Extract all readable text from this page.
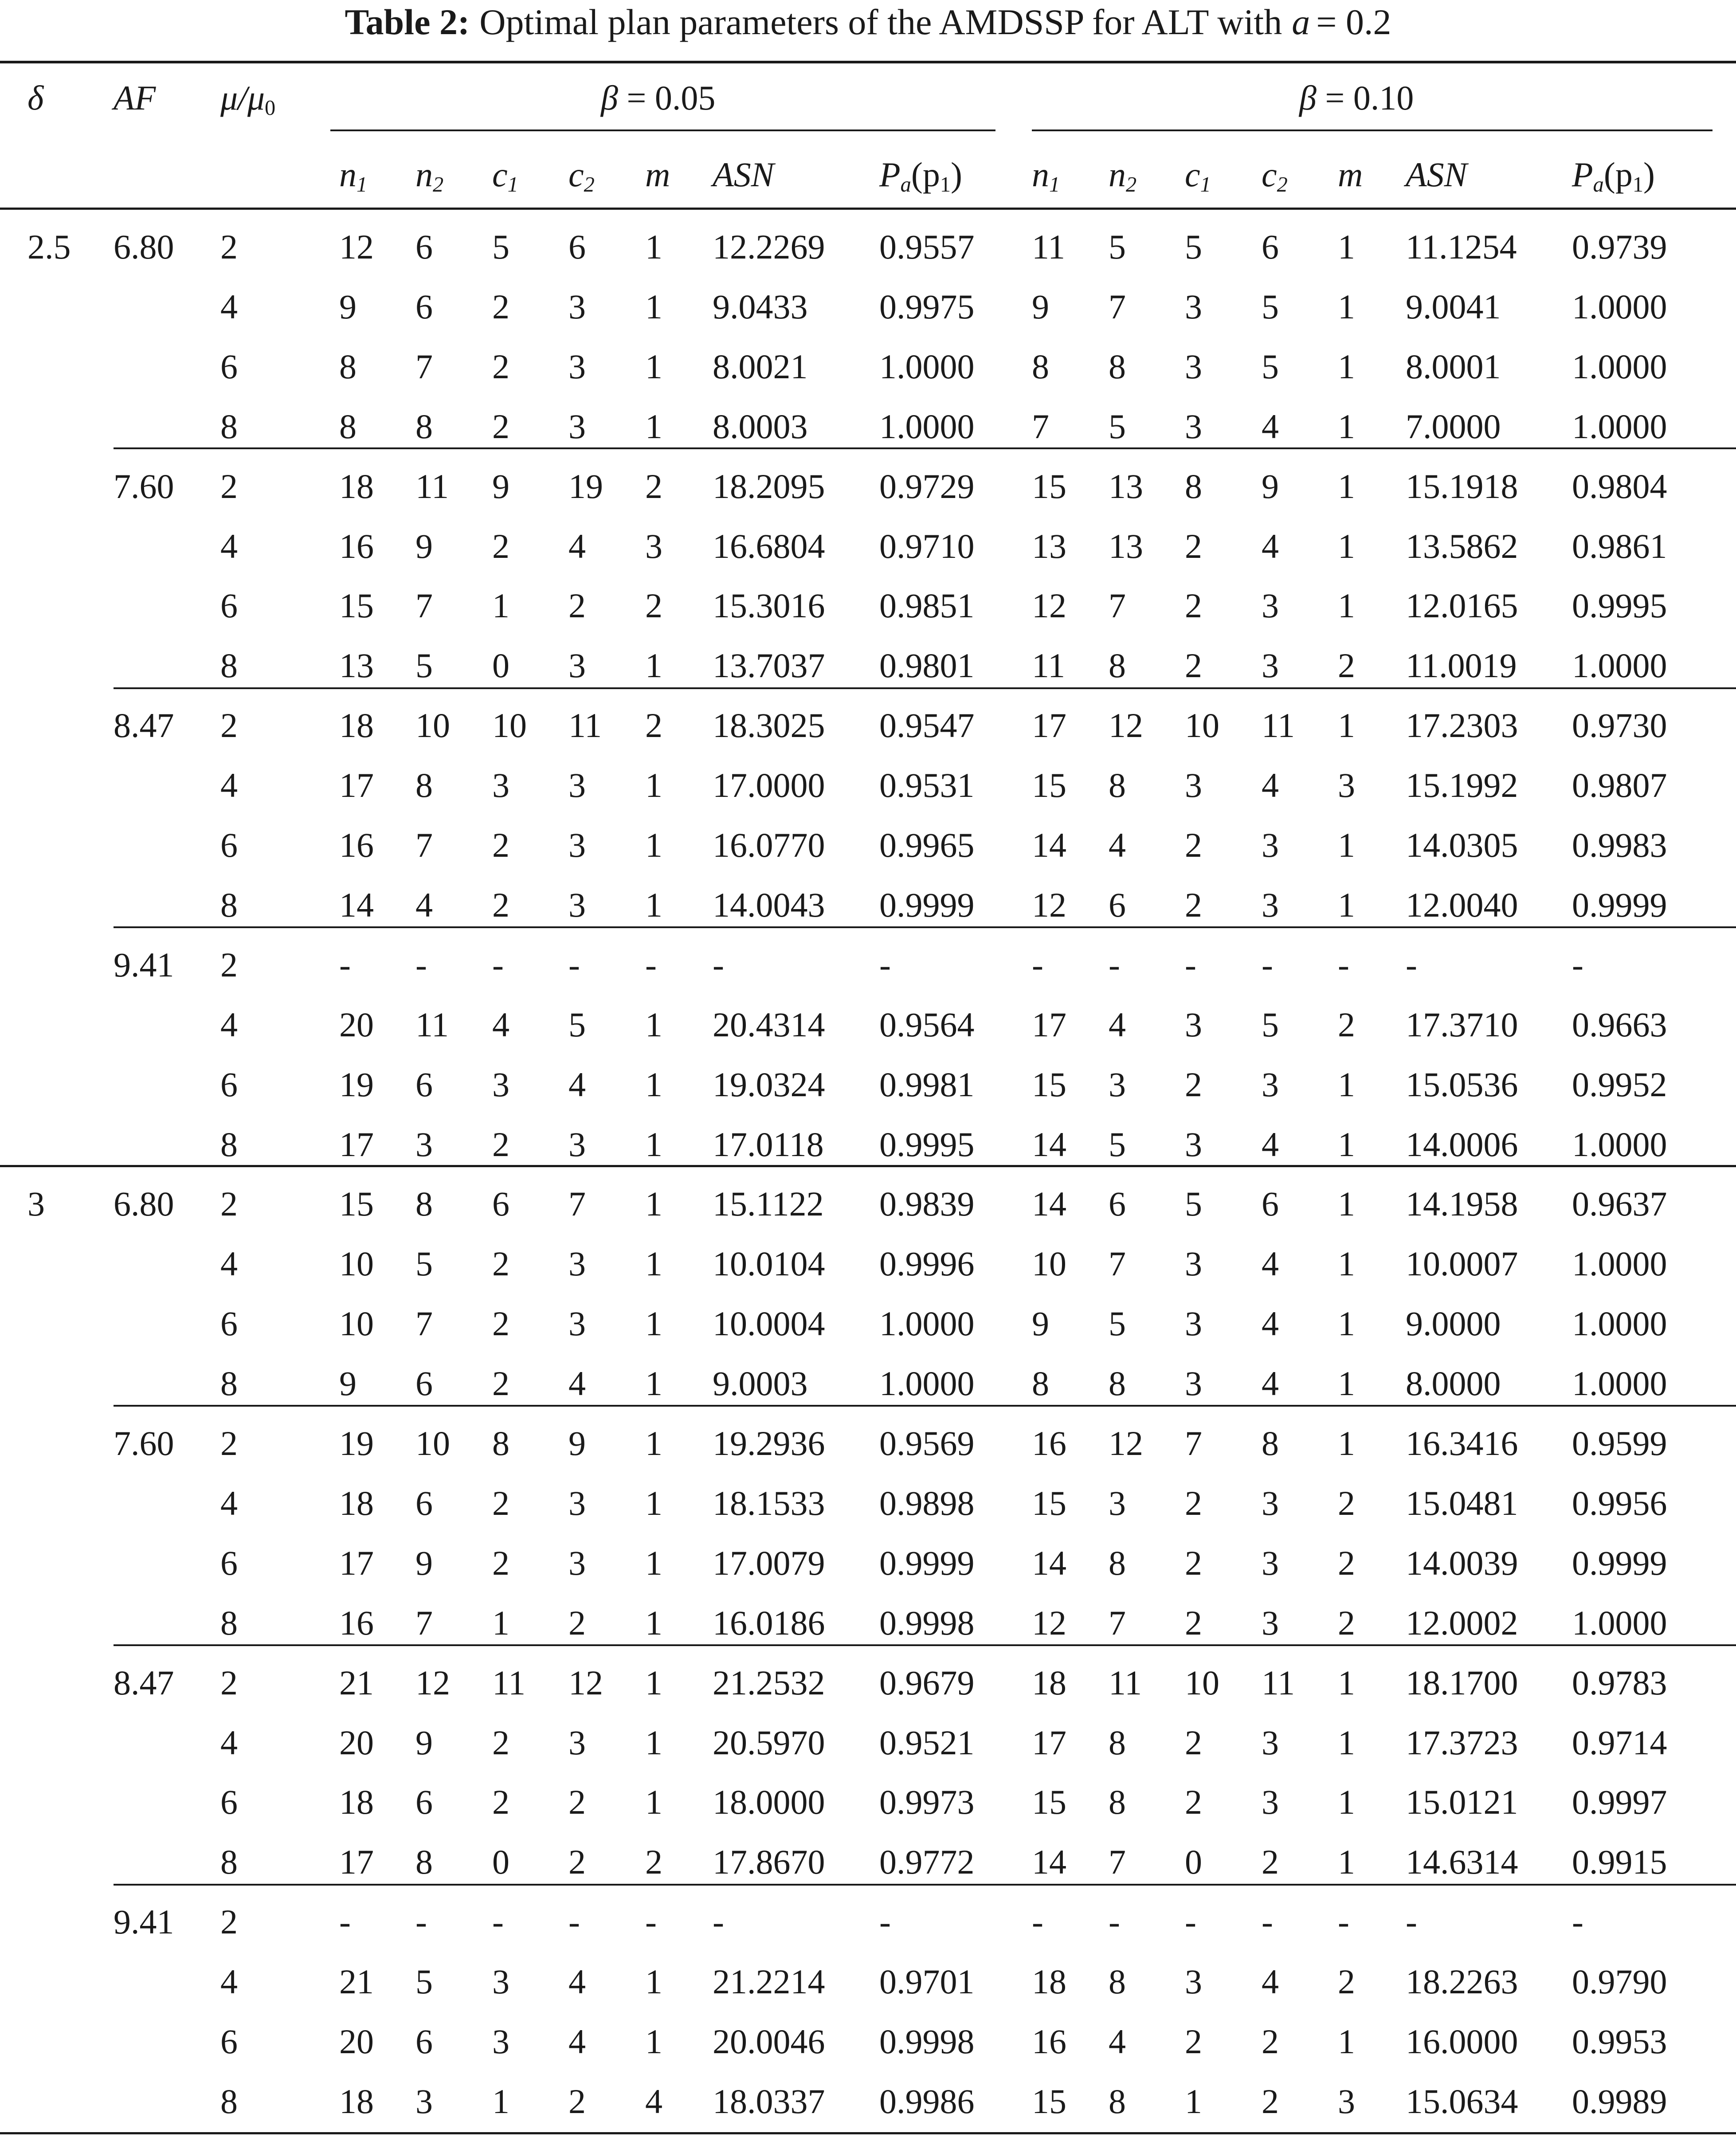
Table 2: Optimal plan parameters of the AMDSSP for ALT with a = 0.2
δ AF $\mu/\mu_0$	β = 0.05	β = 0.10
$n_1$ $n_2$ $c_1$ $c_2$ m ASN	$P_a(p_1)$ $n_1$ $n_2$ $c_1$ $c_2$ m ASN	$P_a(p_1)$
2.5 6.80 2	12 6 5 6 1 12.2269 0.9557 11 5 5 6 1 11.1254 0.9739
4	9 6 2 3 1 9.0433 0.9975 9 7 3 5 1 9.0041 1.0000
6	8 7 2 3 1 8.0021 1.0000 8 8 3 5 1 8.0001 1.0000
8	8 8 2 3 1 8.0003 1.0000 7 5 3 4 1 7.0000 1.0000
7.60 2	18 11 9 19 2 18.2095 0.9729 15 13 8 9 1 15.1918 0.9804
4	16 9 2 4 3 16.6804 0.9710 13 13 2 4 1 13.5862 0.9861
6	15 7 1 2 2 15.3016 0.9851 12 7 2 3 1 12.0165 0.9995
8	13 5 0 3 1 13.7037 0.9801 11 8 2 3 2 11.0019 1.0000
8.47 2	18 10 10 11 2 18.3025 0.9547 17 12 10 11 1 17.2303 0.9730
4	17 8 3 3 1 17.0000 0.9531 15 8 3 4 3 15.1992 0.9807
6	16 7 2 3 1 16.0770 0.9965 14 4 2 3 1 14.0305 0.9983
8	14 4 2 3 1 14.0043 0.9999 12 6 2 3 1 12.0040 0.9999
9.41 2	- - - - - -	-	- - - - - -	-
4	20 11 4 5 1 20.4314 0.9564 17 4 3 5 2 17.3710 0.9663
6	19 6 3 4 1 19.0324 0.9981 15 3 2 3 1 15.0536 0.9952
8	17 3 2 3 1 17.0118 0.9995 14 5 3 4 1 14.0006 1.0000
3 6.80 2	15 8 6 7 1 15.1122 0.9839 14 6 5 6 1 14.1958 0.9637
4	10 5 2 3 1 10.0104 0.9996 10 7 3 4 1 10.0007 1.0000
6	10 7 2 3 1 10.0004 1.0000 9 5 3 4 1 9.0000 1.0000
8	9 6 2 4 1 9.0003 1.0000 8 8 3 4 1 8.0000 1.0000
7.60 2	19 10 8 9 1 19.2936 0.9569 16 12 7 8 1 16.3416 0.9599
4	18 6 2 3 1 18.1533 0.9898 15 3 2 3 2 15.0481 0.9956
6	17 9 2 3 1 17.0079 0.9999 14 8 2 3 2 14.0039 0.9999
8	16 7 1 2 1 16.0186 0.9998 12 7 2 3 2 12.0002 1.0000
8.47 2	21 12 11 12 1 21.2532 0.9679 18 11 10 11 1 18.1700 0.9783
4	20 9 2 3 1 20.5970 0.9521 17 8 2 3 1 17.3723 0.9714
6	18 6 2 2 1 18.0000 0.9973 15 8 2 3 1 15.0121 0.9997
8	17 8 0 2 2 17.8670 0.9772 14 7 0 2 1 14.6314 0.9915
9.41 2	- - - - - -	-	- - - - - -	-
4	21 5 3 4 1 21.2214 0.9701 18 8 3 4 2 18.2263 0.9790
6	20 6 3 4 1 20.0046 0.9998 16 4 2 2 1 16.0000 0.9953
8	18 3 1 2 4 18.0337 0.9986 15 8 1 2 3 15.0634 0.9989
